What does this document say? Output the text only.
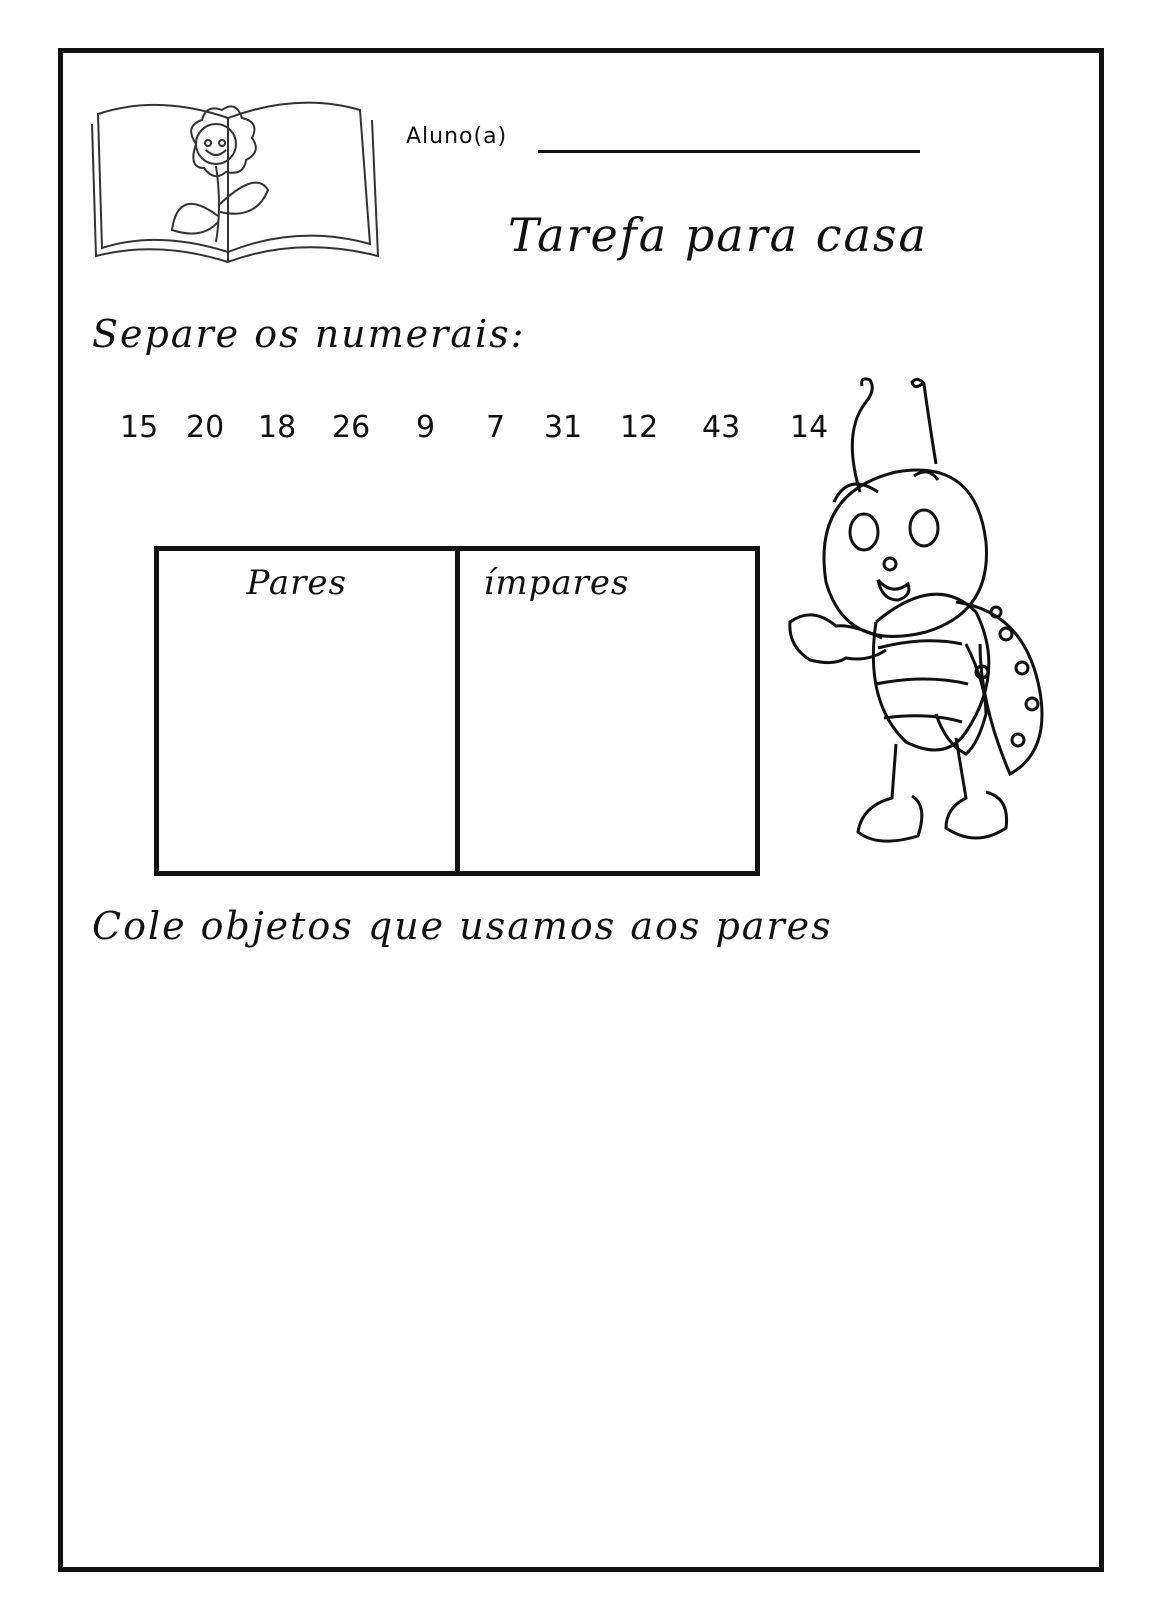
Aluno(a)
Tarefa para casa
Separe os numerais:
15 20 18 26 9 7 31 12 43 14
Pares	ímpares
Cole objetos que usamos aos pares
